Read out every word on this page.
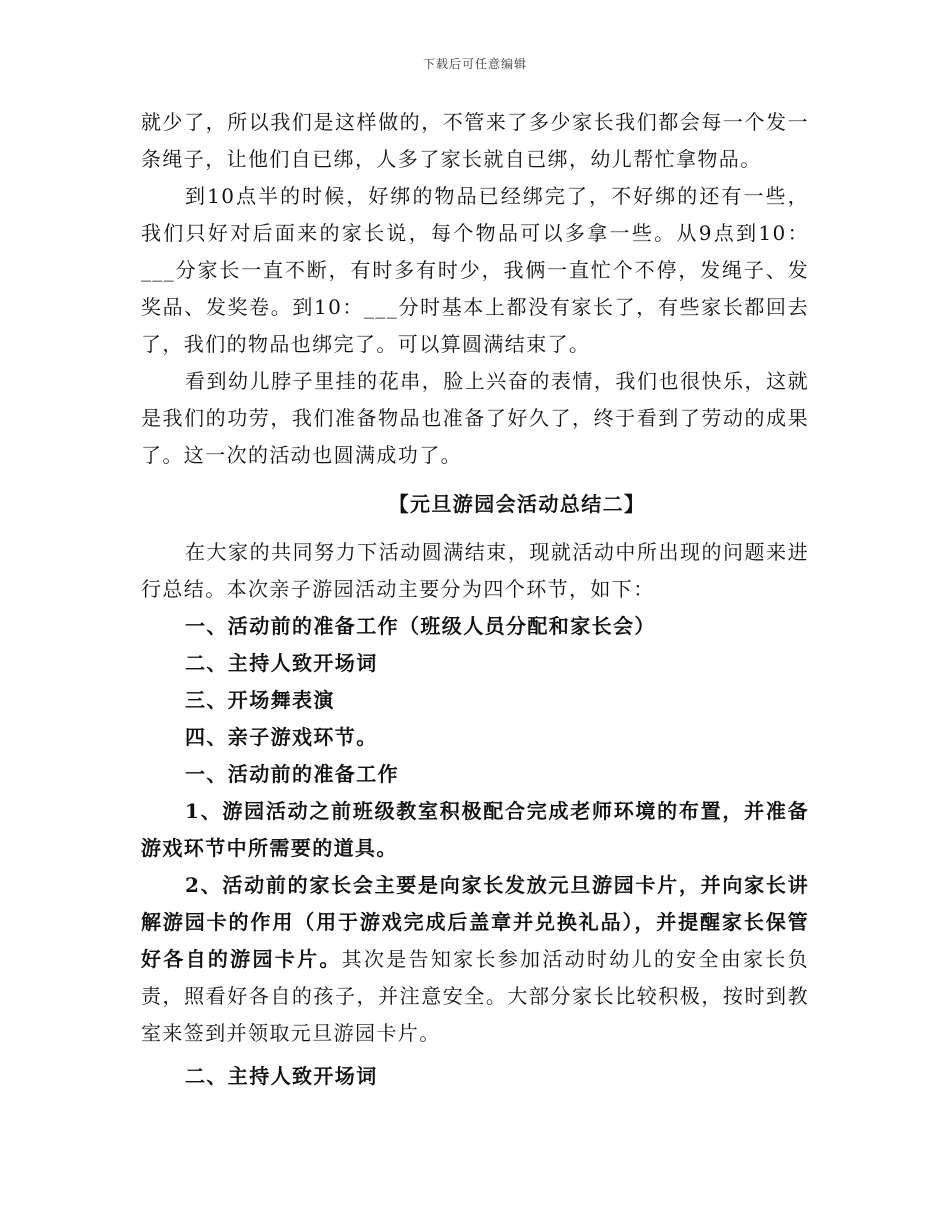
下载后可任意编辑

就少了，所以我们是这样做的，不管来了多少家长我们都会每一个发一条绳子，让他们自已绑，人多了家长就自已绑，幼儿帮忙拿物品。

到10点半的时候，好绑的物品已经绑完了，不好绑的还有一些，我们只好对后面来的家长说，每个物品可以多拿一些。从9点到10：___分家长一直不断，有时多有时少，我俩一直忙个不停，发绳子、发奖品、发奖卷。到10：___分时基本上都没有家长了，有些家长都回去了，我们的物品也绑完了。可以算圆满结束了。

看到幼儿脖子里挂的花串，脸上兴奋的表情，我们也很快乐，这就是我们的功劳，我们准备物品也准备了好久了，终于看到了劳动的成果了。这一次的活动也圆满成功了。

【元旦游园会活动总结二】

在大家的共同努力下活动圆满结束，现就活动中所出现的问题来进行总结。本次亲子游园活动主要分为四个环节，如下：

一、活动前的准备工作（班级人员分配和家长会）

二、主持人致开场词

三、开场舞表演

四、亲子游戏环节。

一、活动前的准备工作

1、游园活动之前班级教室积极配合完成老师环境的布置，并准备游戏环节中所需要的道具。

2、活动前的家长会主要是向家长发放元旦游园卡片，并向家长讲解游园卡的作用（用于游戏完成后盖章并兑换礼品），并提醒家长保管好各自的游园卡片。其次是告知家长参加活动时幼儿的安全由家长负责，照看好各自的孩子，并注意安全。大部分家长比较积极，按时到教室来签到并领取元旦游园卡片。

二、主持人致开场词
